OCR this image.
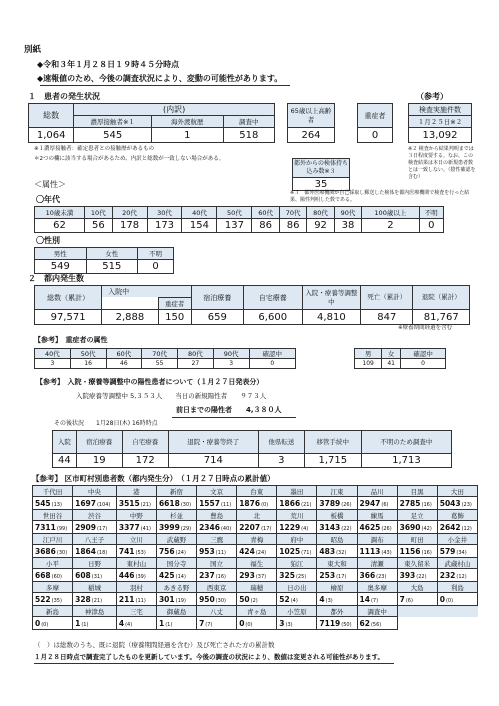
別紙
◆令和３年１月２８日１９時４５分時点
◆速報値のため、今後の調査状況により、変動の可能性があります。
１　患者の発生状況	（参考）
総数	(内訳)		
	濃厚接触者※１	海外渡航歴	調査中
1,064	545	1	518
65歳以上高齢者
264
重症者
0
検査実施件数
１月２５日※２
13,092
※１濃厚接触者：確定患者との接触歴があるもの
＊2つの欄に該当する場合があるため、内訳と総数が一致しない場合がある。
※２ 検査から結果判明までは３日程度要する。なお、この検査結果は本日の新規患者数とは一致しない。（陰性確認を含む）
都外からの検体持ち込み数※３
35
※３　都外医療機関が自己採取し郵送した検体を都内医療機関で検査を行った結果、陽性判明した数である。
＜属性＞
〇年代
10歳未満	10代	20代	30代	40代	50代	60代	70代	80代	90代	100歳以上	不明
62	56	178	173	154	137	86	86	92	38	2	0
〇性別
男性	女性	不明
549	515	0
２　都内発生数
総数（累計）	入院中		宿泊療養	自宅療養	入院・療養等調整中	死亡（累計）	退院（累計）
		重症者					
97,571	2,888	150	659	6,600	4,810	847	81,767
※療養期間経過を含む
【参考】　重症者の属性
40代	50代	60代	70代	80代	90代	確認中
3	16	46	55	27	3	0
男	女	確認中
109	41	0
【参考】　入院・療養等調整中の陽性患者について（１月２７日発表分）
入院療養等調整中 5,３５３人　　当日の新規陽性者　　９７３人
前日までの陽性者 4,３８０人
その後状況　　1月28日(木) 16時時点
入院	宿泊療養	自宅療養	退院・療養等終了	他県転送	移管手続中	不明のため調査中
44	19	172	714	3	1,715	1,713
【参考】 区市町村別患者数（都内発生分）　（１月２７日時点の累計値）
千代田	中央	港	新宿	文京	台東	墨田	江東	品川	目黒	大田
545(13)	1697(104)	3515(21)	6618(30)	1557(11)	1876(0)	1866(21)	3789(26)	2947(6)	2785(16)	5043(23)
世田谷	渋谷	中野	杉並	豊島	北	荒川	板橋	練馬	足立	葛飾
7311(99)	2909(17)	3377(41)	3999(29)	2346(40)	2207(17)	1229(4)	3143(22)	4625(26)	3690(42)	2642(12)
江戸川	八王子	立川	武蔵野	三鷹	青梅	府中	昭島	調布	町田	小金井
3686(30)	1864(18)	741(53)	756(24)	953(11)	424(24)	1025(71)	483(32)	1113(43)	1156(16)	579(34)
小平	日野	東村山	国分寺	国立	福生	狛江	東大和	清瀬	東久留米	武蔵村山
668(60)	608(31)	446(39)	425(14)	237(16)	293(37)	325(25)	253(17)	366(23)	393(22)	232(12)
多摩	稲城	羽村	あきる野	西東京	瑞穂	日の出	檜原	奥多摩	大島	利島
522(35)	328(21)	211(11)	301(19)	950(30)	50(2)	52(4)	4(3)	14(7)	7(6)	0(0)
新島	神津島	三宅	御蔵島	八丈	青ヶ島	小笠原	都外	調査中		
0(0)	1(1)	4(4)	1(1)	7(7)	0(0)	3(3)	7119(50)	62(56)		
（　）は総数のうち、既に退院（療養期間経過を含む）及び死亡された方の累計数
１月２８日時点で調査完了したものを更新しています。今後の調査の状況により、数値は変更される可能性があります。
